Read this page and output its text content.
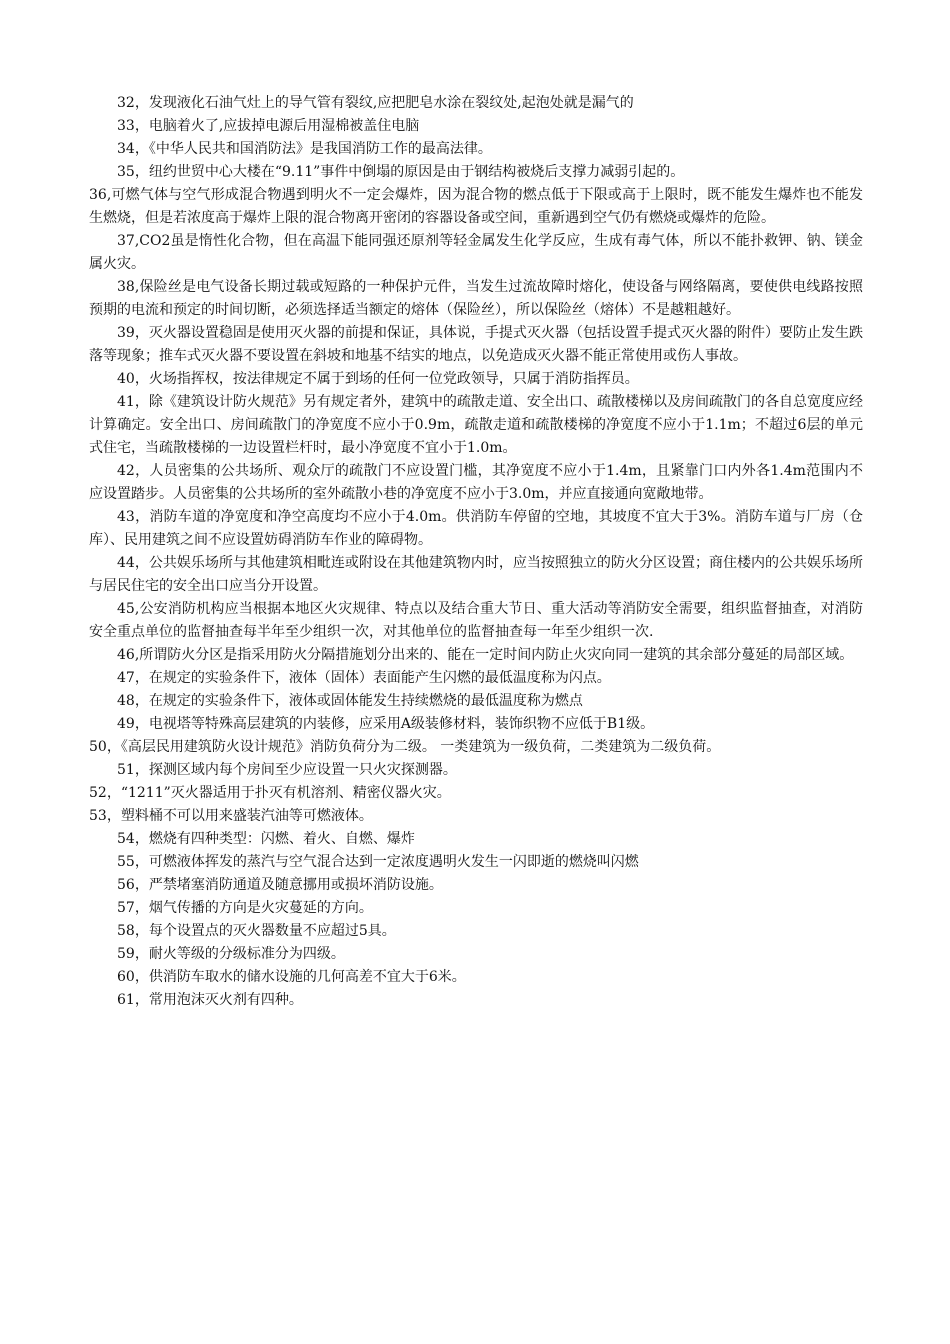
32，发现液化石油气灶上的导气管有裂纹,应把肥皂水涂在裂纹处,起泡处就是漏气的

33，电脑着火了,应拔掉电源后用湿棉被盖住电脑

34，《中华人民共和国消防法》是我国消防工作的最高法律。

35，纽约世贸中心大楼在“9.11”事件中倒塌的原因是由于钢结构被烧后支撑力减弱引起的。

36,可燃气体与空气形成混合物遇到明火不一定会爆炸，因为混合物的燃点低于下限或高于上限时，既不能发生爆炸也不能发生燃烧，但是若浓度高于爆炸上限的混合物离开密闭的容器设备或空间，重新遇到空气仍有燃烧或爆炸的危险。

37,CO2虽是惰性化合物，但在高温下能同强还原剂等轻金属发生化学反应，生成有毒气体，所以不能扑救钾、钠、镁金属火灾。

38,保险丝是电气设备长期过载或短路的一种保护元件，当发生过流故障时熔化，使设备与网络隔离，要使供电线路按照预期的电流和预定的时间切断，必须选择适当额定的熔体（保险丝），所以保险丝（熔体）不是越粗越好。

39，灭火器设置稳固是使用灭火器的前提和保证，具体说，手提式灭火器（包括设置手提式灭火器的附件）要防止发生跌落等现象；推车式灭火器不要设置在斜坡和地基不结实的地点，以免造成灭火器不能正常使用或伤人事故。

40，火场指挥权，按法律规定不属于到场的任何一位党政领导，只属于消防指挥员。

41，除《建筑设计防火规范》另有规定者外，建筑中的疏散走道、安全出口、疏散楼梯以及房间疏散门的各自总宽度应经计算确定。安全出口、房间疏散门的净宽度不应小于0.9m，疏散走道和疏散楼梯的净宽度不应小于1.1m；不超过6层的单元式住宅，当疏散楼梯的一边设置栏杆时，最小净宽度不宜小于1.0m。

42，人员密集的公共场所、观众厅的疏散门不应设置门槛，其净宽度不应小于1.4m，且紧靠门口内外各1.4m范围内不应设置踏步。人员密集的公共场所的室外疏散小巷的净宽度不应小于3.0m，并应直接通向宽敞地带。

43，消防车道的净宽度和净空高度均不应小于4.0m。供消防车停留的空地，其坡度不宜大于3%。消防车道与厂房（仓库）、民用建筑之间不应设置妨碍消防车作业的障碍物。

44，公共娱乐场所与其他建筑相毗连或附设在其他建筑物内时，应当按照独立的防火分区设置；商住楼内的公共娱乐场所与居民住宅的安全出口应当分开设置。

45,公安消防机构应当根据本地区火灾规律、特点以及结合重大节日、重大活动等消防安全需要，组织监督抽查，对消防安全重点单位的监督抽查每半年至少组织一次，对其他单位的监督抽查每一年至少组织一次.

46,所谓防火分区是指采用防火分隔措施划分出来的、能在一定时间内防止火灾向同一建筑的其余部分蔓延的局部区域。

47，在规定的实验条件下，液体（固体）表面能产生闪燃的最低温度称为闪点。

48，在规定的实验条件下，液体或固体能发生持续燃烧的最低温度称为燃点

49，电视塔等特殊高层建筑的内装修，应采用A级装修材料，装饰织物不应低于B1级。

50，《高层民用建筑防火设计规范》消防负荷分为二级。 一类建筑为一级负荷，二类建筑为二级负荷。

51，探测区域内每个房间至少应设置一只火灾探测器。

52，“1211”灭火器适用于扑灭有机溶剂、精密仪器火灾。

53，塑料桶不可以用来盛装汽油等可燃液体。

54，燃烧有四种类型：闪燃、着火、自燃、爆炸

55，可燃液体挥发的蒸汽与空气混合达到一定浓度遇明火发生一闪即逝的燃烧叫闪燃

56，严禁堵塞消防通道及随意挪用或损坏消防设施。

57，烟气传播的方向是火灾蔓延的方向。

58，每个设置点的灭火器数量不应超过5具。

59，耐火等级的分级标准分为四级。

60，供消防车取水的储水设施的几何高差不宜大于6米。

61，常用泡沫灭火剂有四种。
